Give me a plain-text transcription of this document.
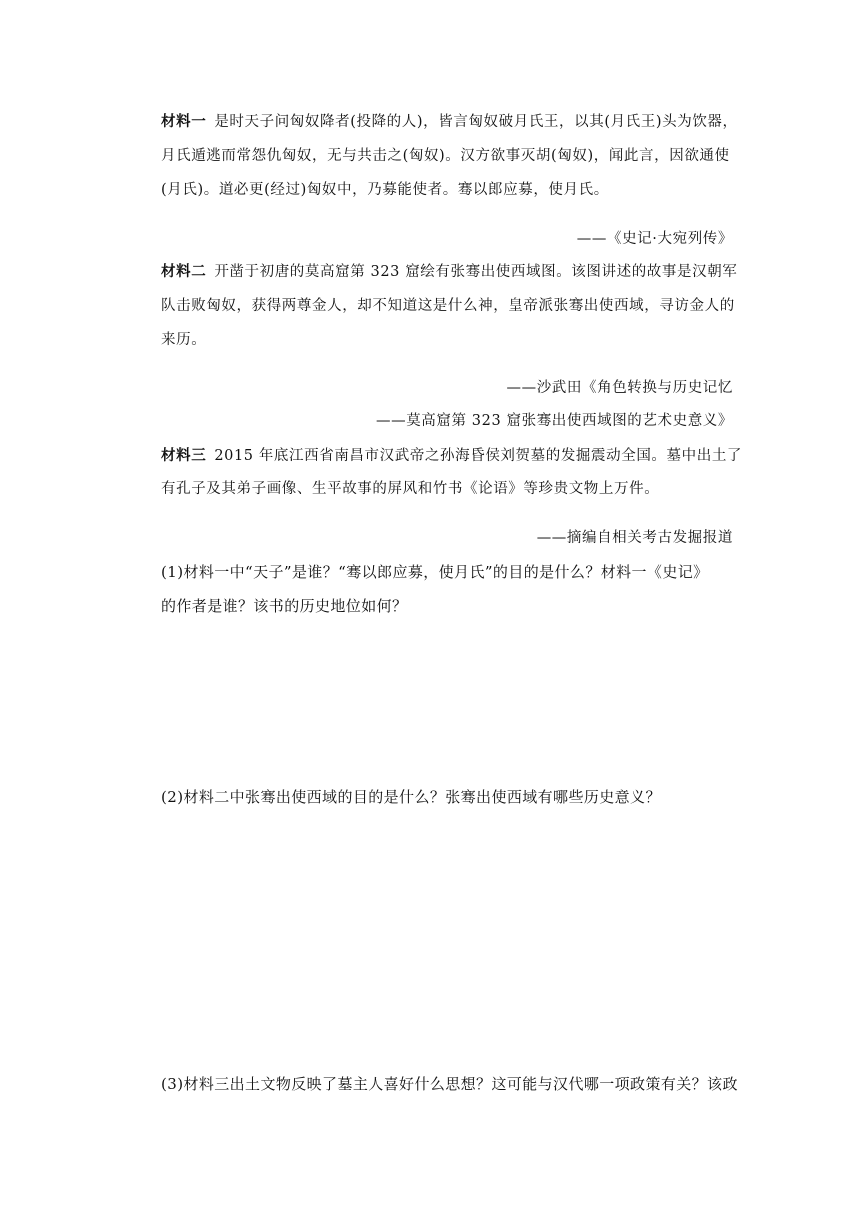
材料一 是时天子问匈奴降者(投降的人)，皆言匈奴破月氏王，以其(月氏王)头为饮器，
月氏遁逃而常怨仇匈奴，无与共击之(匈奴)。汉方欲事灭胡(匈奴)，闻此言，因欲通使
(月氏)。道必更(经过)匈奴中，乃募能使者。骞以郎应募，使月氏。
——《史记·大宛列传》
材料二 开凿于初唐的莫高窟第 323 窟绘有张骞出使西域图。该图讲述的故事是汉朝军
队击败匈奴，获得两尊金人，却不知道这是什么神，皇帝派张骞出使西域，寻访金人的
来历。
——沙武田《角色转换与历史记忆
——莫高窟第 323 窟张骞出使西域图的艺术史意义》
材料三 2015 年底江西省南昌市汉武帝之孙海昏侯刘贺墓的发掘震动全国。墓中出土了
有孔子及其弟子画像、生平故事的屏风和竹书《论语》等珍贵文物上万件。
——摘编自相关考古发掘报道
(1)材料一中“天子”是谁？“骞以郎应募，使月氏”的目的是什么？材料一《史记》
的作者是谁？该书的历史地位如何？
(2)材料二中张骞出使西域的目的是什么？张骞出使西域有哪些历史意义？
(3)材料三出土文物反映了墓主人喜好什么思想？这可能与汉代哪一项政策有关？该政
